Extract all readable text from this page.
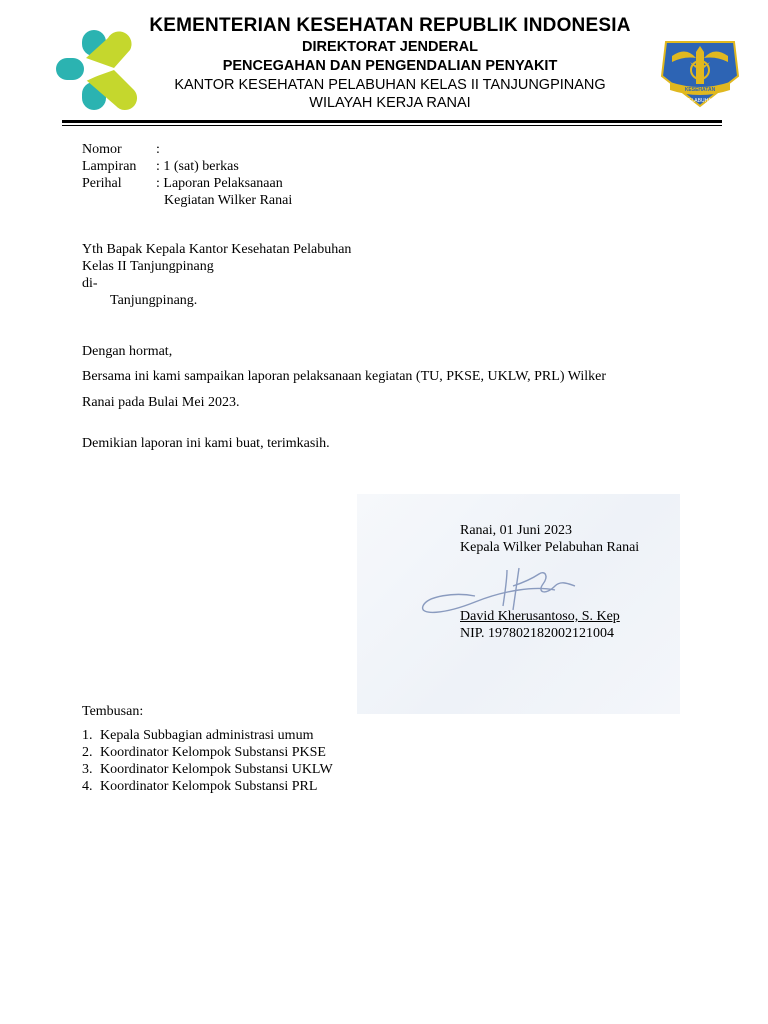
KEMENTERIAN KESEHATAN REPUBLIK INDONESIA
DIREKTORAT JENDERAL
PENCEGAHAN DAN PENGENDALIAN PENYAKIT
KANTOR KESEHATAN PELABUHAN KELAS II TANJUNGPINANG
WILAYAH KERJA RANAI
KESEHATAN
PELABUHAN
Nomor :
Lampiran : 1 (sat) berkas
Perihal : Laporan Pelaksanaan
Kegiatan Wilker Ranai
Yth Bapak Kepala Kantor Kesehatan Pelabuhan
Kelas II Tanjungpinang
di-
Tanjungpinang.
Dengan hormat,
Bersama ini kami sampaikan laporan pelaksanaan kegiatan (TU, PKSE, UKLW, PRL) Wilker
Ranai pada Bulai Mei 2023.
Demikian laporan ini kami buat, terimkasih.
Ranai, 01 Juni 2023
Kepala Wilker Pelabuhan Ranai
David Kherusantoso, S. Kep
NIP. 197802182002121004
Tembusan:
1. Kepala Subbagian administrasi umum
2. Koordinator Kelompok Substansi PKSE
3. Koordinator Kelompok Substansi UKLW
4. Koordinator Kelompok Substansi PRL
